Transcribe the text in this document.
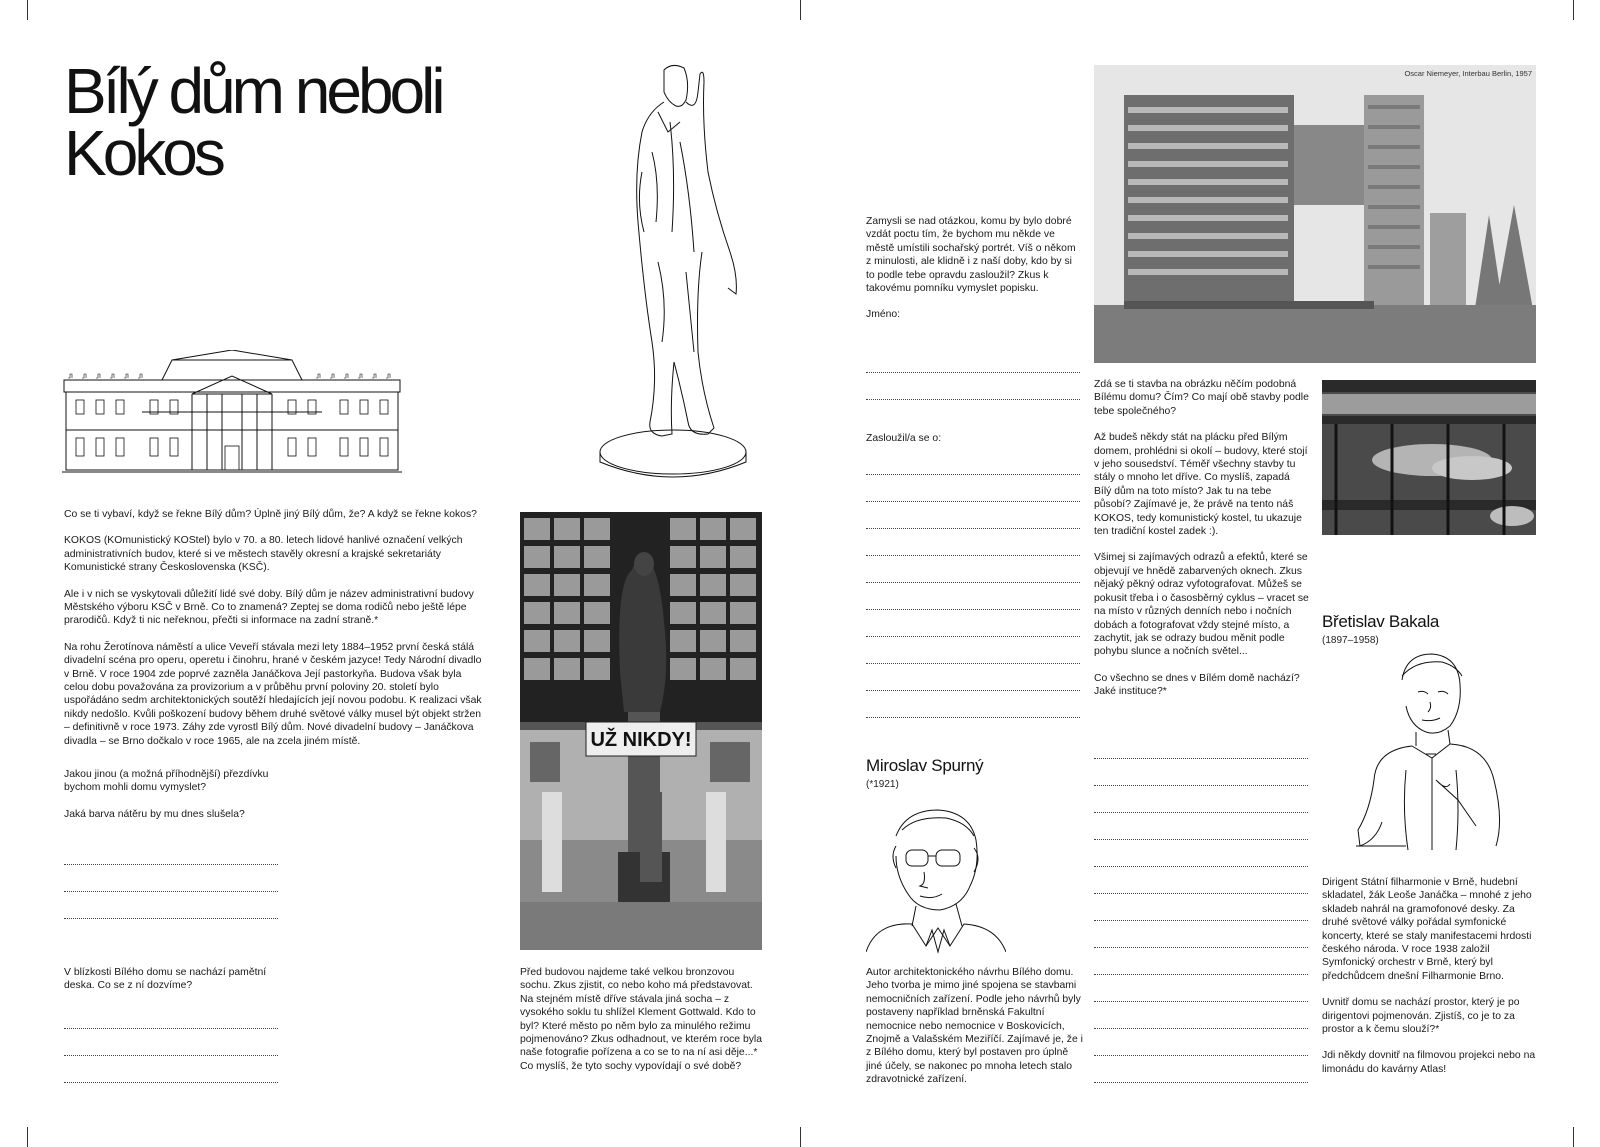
Bílý dům neboli
Kokos

Co se ti vybaví, když se řekne Bílý dům? Úplně jiný Bílý dům, že? A když se řekne kokos?

KOKOS (KOmunistický KOStel) bylo v 70. a 80. letech lidové hanlivé označení velkých administrativních budov, které si ve městech stavěly okresní a krajské sekretariáty Komunistické strany Československa (KSČ).

Ale i v nich se vyskytovali důležití lidé své doby. Bílý dům je název administrativní budovy Městského výboru KSČ v Brně. Co to znamená? Zeptej se doma rodičů nebo ještě lépe prarodičů. Když ti nic neřeknou, přečti si informace na zadní straně.*

Na rohu Žerotínova náměstí a ulice Veveří stávala mezi lety 1884–1952 první česká stálá divadelní scéna pro operu, operetu i činohru, hrané v českém jazyce! Tedy Národní divadlo v Brně. V roce 1904 zde poprvé zazněla Janáčkova Její pastorkyňa. Budova však byla celou dobu považována za provizorium a v průběhu první poloviny 20. století bylo uspořádáno sedm architektonických soutěží hledajících její novou podobu. K realizaci však nikdy nedošlo. Kvůli poškození budovy během druhé světové války musel být objekt stržen – definitivně v roce 1973. Záhy zde vyrostl Bílý dům. Nové divadelní budovy – Janáčkova divadla – se Brno dočkalo v roce 1965, ale na zcela jiném místě.

Jakou jinou (a možná příhodnější) přezdívku bychom mohli domu vymyslet?

Jaká barva nátěru by mu dnes slušela?

V blízkosti Bílého domu se nachází pamětní deska. Co se z ní dozvíme?

UŽ NIKDY!

Před budovou najdeme také velkou bronzovou sochu. Zkus zjistit, co nebo koho má představovat. Na stejném místě dříve stávala jiná socha – z vysokého soklu tu shlížel Klement Gottwald. Kdo to byl? Které město po něm bylo za minulého režimu pojmenováno? Zkus odhadnout, ve kterém roce byla naše fotografie pořízena a co se to na ní asi děje...* Co myslíš, že tyto sochy vypovídají o své době?

Zamysli se nad otázkou, komu by bylo dobré vzdát poctu tím, že bychom mu někde ve městě umístili sochařský portrét. Víš o někom z minulosti, ale klidně i z naší doby, kdo by si to podle tebe opravdu zasloužil? Zkus k takovému pomníku vymyslet popisku.

Jméno:

Zasloužil/a se o:
Miroslav Spurný
(*1921)

Autor architektonického návrhu Bílého domu. Jeho tvorba je mimo jiné spojena se stavbami nemocničních zařízení. Podle jeho návrhů byly postaveny například brněnská Fakultní nemocnice nebo nemocnice v Boskovicích, Znojmě a Valašském Meziříčí. Zajímavé je, že i z Bílého domu, který byl postaven pro úplně jiné účely, se nakonec po mnoha letech stalo zdravotnické zařízení.

Oscar Niemeyer, Interbau Berlin, 1957

Zdá se ti stavba na obrázku něčím podobná Bílému domu? Čím? Co mají obě stavby podle tebe společného?

Až budeš někdy stát na plácku před Bílým domem, prohlédni si okolí – budovy, které stojí v jeho sousedství. Téměř všechny stavby tu stály o mnoho let dříve. Co myslíš, zapadá Bílý dům na toto místo? Jak tu na tebe působí? Zajímavé je, že právě na tento náš KOKOS, tedy komunistický kostel, tu ukazuje ten tradiční kostel zadek :).

Všimej si zajímavých odrazů a efektů, které se objevují ve hnědě zabarvených oknech. Zkus nějaký pěkný odraz vyfotografovat. Můžeš se pokusit třeba i o časosběrný cyklus – vracet se na místo v různých denních nebo i nočních dobách a fotografovat vždy stejné místo, a zachytit, jak se odrazy budou měnit podle pohybu slunce a nočních světel...

Co všechno se dnes v Bílém domě nachází? Jaké instituce?*

Břetislav Bakala
(1897–1958)

Dirigent Státní filharmonie v Brně, hudební skladatel, žák Leoše Janáčka – mnohé z jeho skladeb nahrál na gramofonové desky. Za druhé světové války pořádal symfonické koncerty, které se staly manifestacemi hrdosti českého národa. V roce 1938 založil Symfonický orchestr v Brně, který byl předchůdcem dnešní Filharmonie Brno.

Uvnitř domu se nachází prostor, který je po dirigentovi pojmenován. Zjistíš, co je to za prostor a k čemu slouží?*

Jdi někdy dovnitř na filmovou projekci nebo na limonádu do kavárny Atlas!
